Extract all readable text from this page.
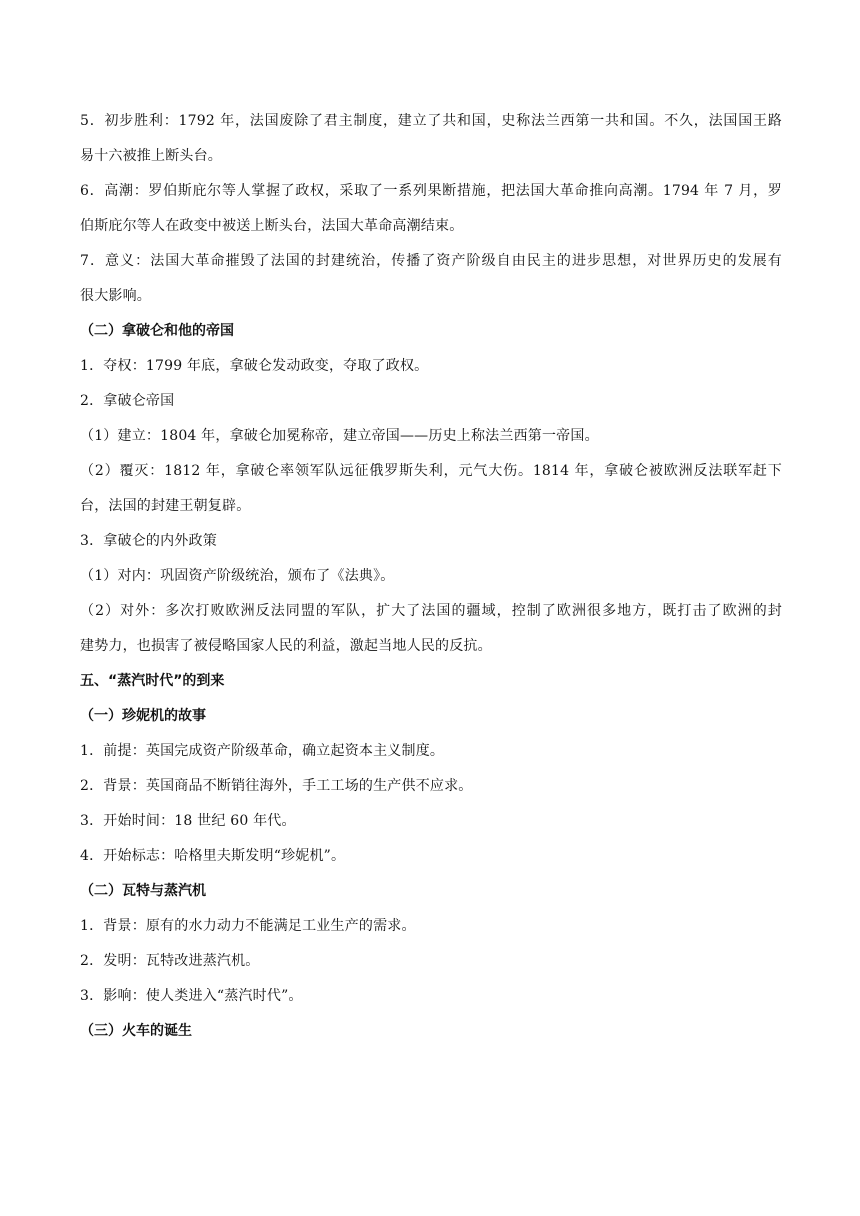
5．初步胜利：1792 年，法国废除了君主制度，建立了共和国，史称法兰西第一共和国。不久，法国国王路
易十六被推上断头台。
6．高潮：罗伯斯庇尔等人掌握了政权，采取了一系列果断措施，把法国大革命推向高潮。1794 年 7 月，罗
伯斯庇尔等人在政变中被送上断头台，法国大革命高潮结束。
7．意义：法国大革命摧毁了法国的封建统治，传播了资产阶级自由民主的进步思想，对世界历史的发展有
很大影响。
（二）拿破仑和他的帝国
1．夺权：1799 年底，拿破仑发动政变，夺取了政权。
2．拿破仑帝国
（1）建立：1804 年，拿破仑加冕称帝，建立帝国——历史上称法兰西第一帝国。
（2）覆灭：1812 年，拿破仑率领军队远征俄罗斯失利，元气大伤。1814 年，拿破仑被欧洲反法联军赶下
台，法国的封建王朝复辟。
3．拿破仑的内外政策
（1）对内：巩固资产阶级统治，颁布了《法典》。
（2）对外：多次打败欧洲反法同盟的军队，扩大了法国的疆域，控制了欧洲很多地方，既打击了欧洲的封
建势力，也损害了被侵略国家人民的利益，激起当地人民的反抗。
五、“蒸汽时代”的到来
（一）珍妮机的故事
1．前提：英国完成资产阶级革命，确立起资本主义制度。
2．背景：英国商品不断销往海外，手工工场的生产供不应求。
3．开始时间：18 世纪 60 年代。
4．开始标志：哈格里夫斯发明“珍妮机”。
（二）瓦特与蒸汽机
1．背景：原有的水力动力不能满足工业生产的需求。
2．发明：瓦特改进蒸汽机。
3．影响：使人类进入“蒸汽时代”。
（三）火车的诞生
